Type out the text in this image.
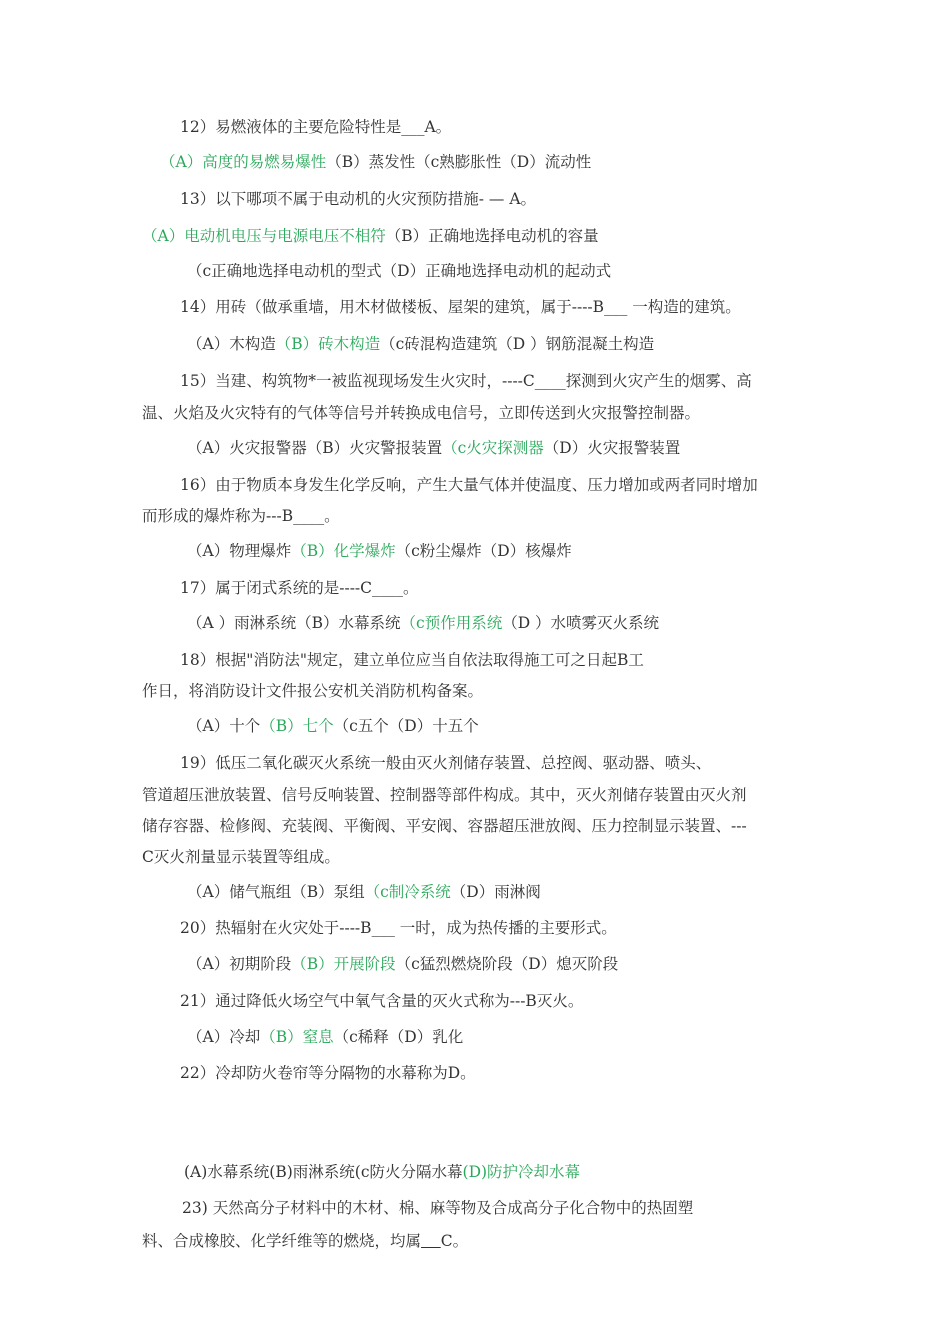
12）易燃液体的主要危险特性是___A。
（A）高度的易燃易爆性（B）蒸发性（c熟膨胀性（D）流动性
13）以下哪项不属于电动机的火灾预防措施- — A。
（A）电动机电压与电源电压不相符（B）正确地选择电动机的容量
（c正确地选择电动机的型式（D）正确地选择电动机的起动式
14）用砖（做承重墙，用木材做楼板、屋架的建筑，属于----B___ 一构造的建筑。
（A）木构造（B）砖木构造（c砖混构造建筑（D ）钢筋混凝土构造
15）当建、构筑物*一被监视现场发生火灾时，----C____探测到火灾产生的烟雾、高
温、火焰及火灾特有的气体等信号并转换成电信号，立即传送到火灾报警控制器。
（A）火灾报警器（B）火灾警报装置（c火灾探测器（D）火灾报警装置
16）由于物质本身发生化学反响，产生大量气体并使温度、压力增加或两者同时增加
而形成的爆炸称为---B____。
（A）物理爆炸（B）化学爆炸（c粉尘爆炸（D）核爆炸
17）属于闭式系统的是----C____。
（A ）雨淋系统（B）水幕系统（c预作用系统（D ）水喷雾灭火系统
18）根据"消防法"规定，建立单位应当自依法取得施工可之日起B工
作日，将消防设计文件报公安机关消防机构备案。
（A）十个（B）七个（c五个（D）十五个
19）低压二氧化碳灭火系统一般由灭火剂储存装置、总控阀、驱动器、喷头、
管道超压泄放装置、信号反响装置、控制器等部件构成。其中，灭火剂储存装置由灭火剂
储存容器、检修阀、充装阀、平衡阀、平安阀、容器超压泄放阀、压力控制显示装置、---
C灭火剂量显示装置等组成。
（A）储气瓶组（B）泵组（c制冷系统（D）雨淋阀
20）热辐射在火灾处于----B___ 一时，成为热传播的主要形式。
（A）初期阶段（B）开展阶段（c猛烈燃烧阶段（D）熄灭阶段
21）通过降低火场空气中氧气含量的灭火式称为---B灭火。
（A）冷却（B）窒息（c稀释（D）乳化
22）冷却防火卷帘等分隔物的水幕称为D。
(A)水幕系统(B)雨淋系统(c防火分隔水幕(D)防护冷却水幕
23) 天然高分子材料中的木材、棉、麻等物及合成高分子化合物中的热固塑
料、合成橡胶、化学纤维等的燃烧，均属 C。
